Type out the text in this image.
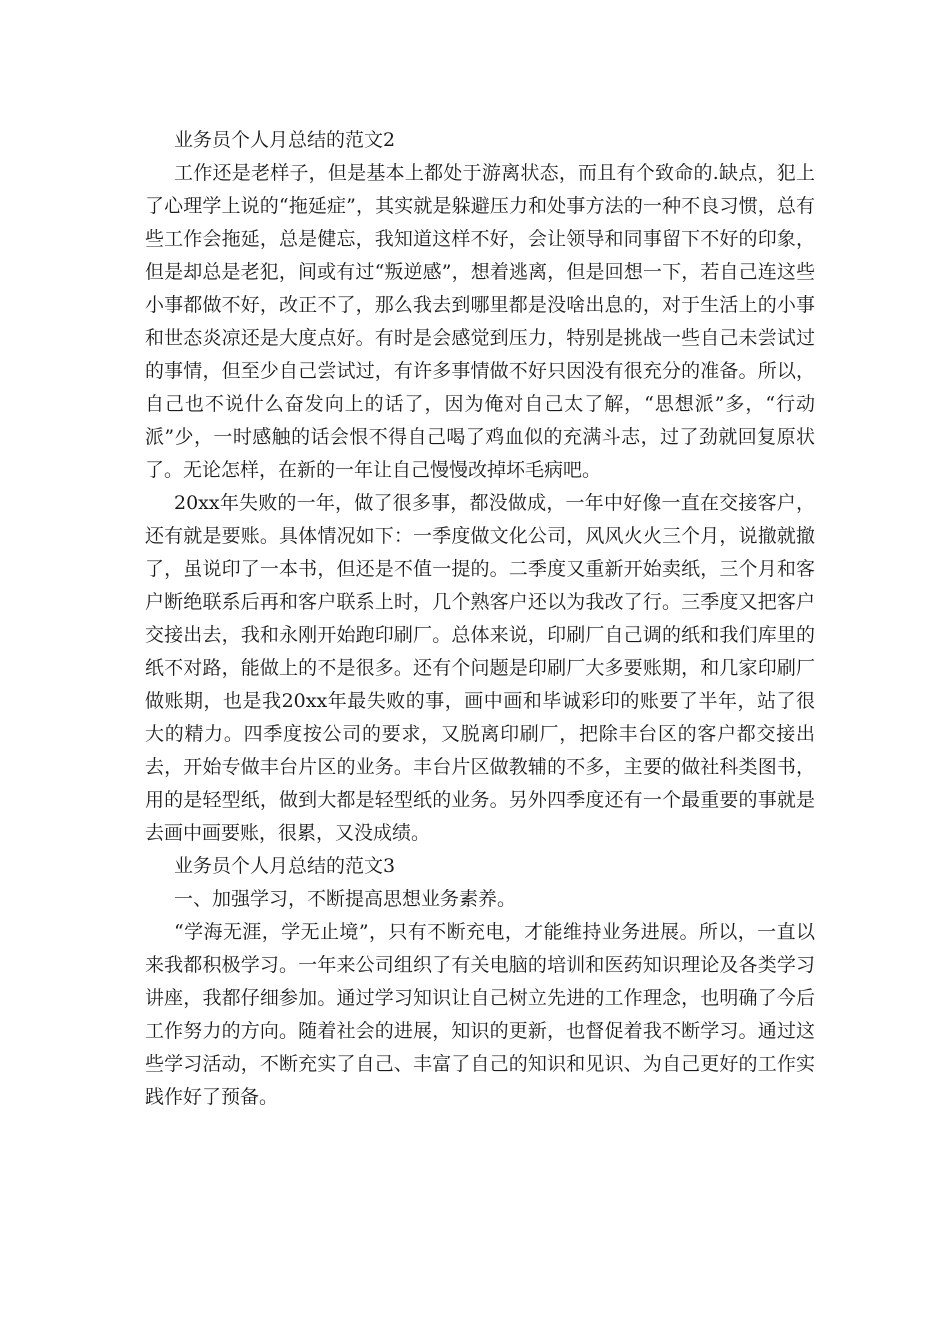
业务员个人月总结的范文2

工作还是老样子，但是基本上都处于游离状态，而且有个致命的.缺点，犯上了心理学上说的“拖延症”，其实就是躲避压力和处事方法的一种不良习惯，总有些工作会拖延，总是健忘，我知道这样不好，会让领导和同事留下不好的印象，但是却总是老犯，间或有过“叛逆感”，想着逃离，但是回想一下，若自己连这些小事都做不好，改正不了，那么我去到哪里都是没啥出息的，对于生活上的小事和世态炎凉还是大度点好。有时是会感觉到压力，特别是挑战一些自己未尝试过的事情，但至少自己尝试过，有许多事情做不好只因没有很充分的准备。所以，自己也不说什么奋发向上的话了，因为俺对自己太了解，“思想派”多，“行动派”少，一时感触的话会恨不得自己喝了鸡血似的充满斗志，过了劲就回复原状了。无论怎样，在新的一年让自己慢慢改掉坏毛病吧。

20xx年失败的一年，做了很多事，都没做成，一年中好像一直在交接客户，还有就是要账。具体情况如下：一季度做文化公司，风风火火三个月，说撤就撤了，虽说印了一本书，但还是不值一提的。二季度又重新开始卖纸，三个月和客户断绝联系后再和客户联系上时，几个熟客户还以为我改了行。三季度又把客户交接出去，我和永刚开始跑印刷厂。总体来说，印刷厂自己调的纸和我们库里的纸不对路，能做上的不是很多。还有个问题是印刷厂大多要账期，和几家印刷厂做账期，也是我20xx年最失败的事，画中画和毕诚彩印的账要了半年，站了很大的精力。四季度按公司的要求，又脱离印刷厂，把除丰台区的客户都交接出去，开始专做丰台片区的业务。丰台片区做教辅的不多，主要的做社科类图书，用的是轻型纸，做到大都是轻型纸的业务。另外四季度还有一个最重要的事就是去画中画要账，很累，又没成绩。

业务员个人月总结的范文3

一、加强学习，不断提高思想业务素养。

“学海无涯，学无止境”，只有不断充电，才能维持业务进展。所以，一直以来我都积极学习。一年来公司组织了有关电脑的培训和医药知识理论及各类学习讲座，我都仔细参加。通过学习知识让自己树立先进的工作理念，也明确了今后工作努力的方向。随着社会的进展，知识的更新，也督促着我不断学习。通过这些学习活动，不断充实了自己、丰富了自己的知识和见识、为自己更好的工作实践作好了预备。
